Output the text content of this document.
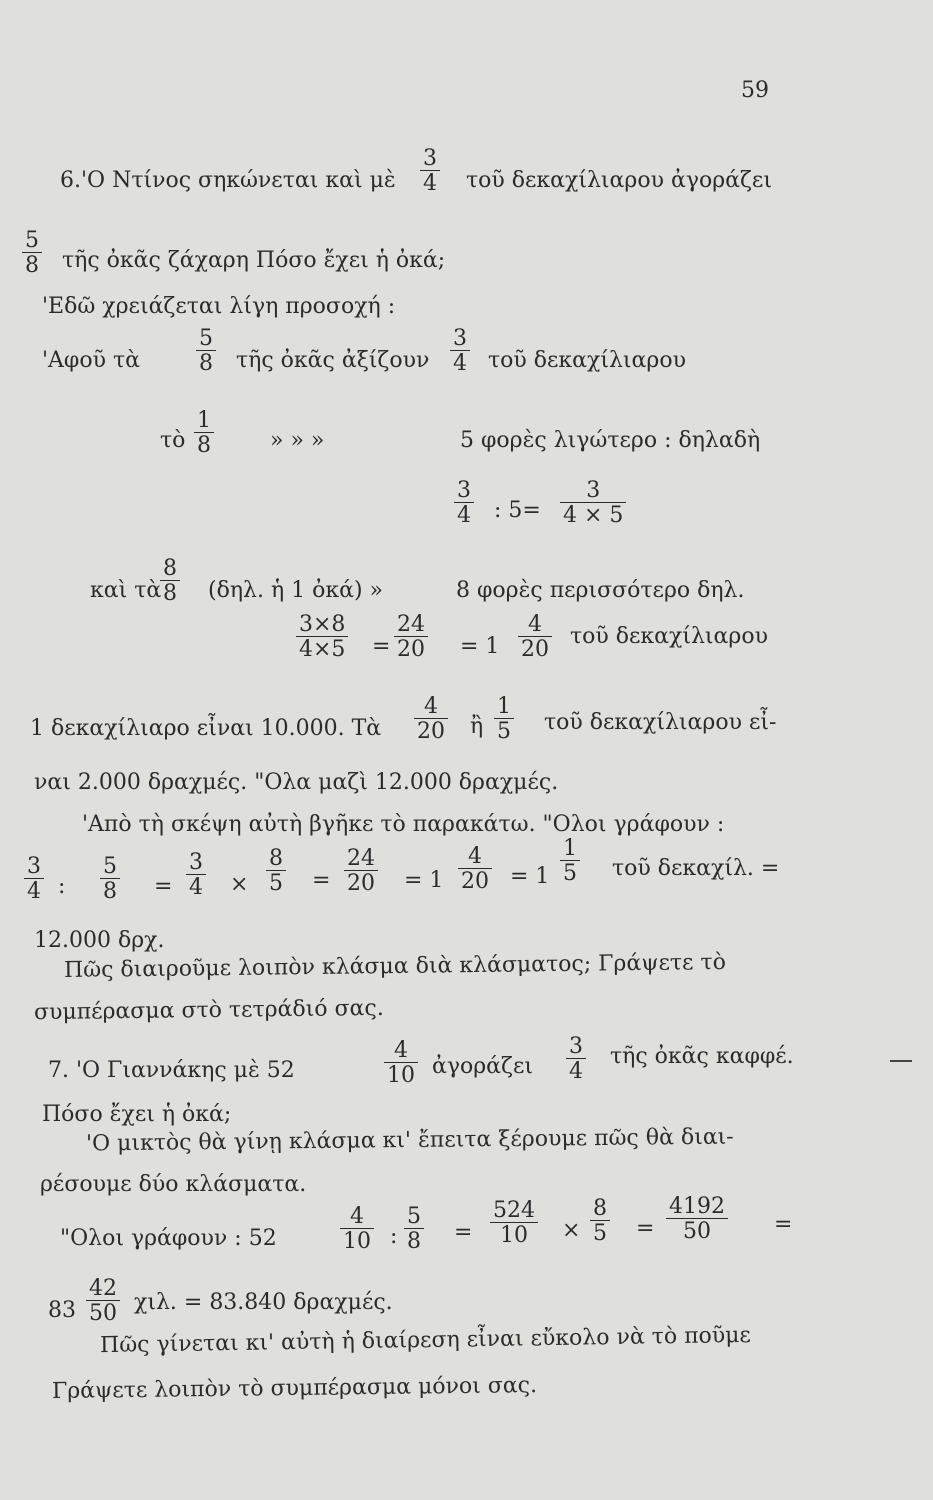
59
6.'Ο Ντίνος σηκώνεται καὶ μὲ
3
4 τοῦ δεκαχίλιαρου ἀγοράζει
5
8 τῆς ὀκᾶς ζάχαρη Πόσο ἔχει ἡ ὀκά;
'Εδῶ χρειάζεται λίγη προσοχή :
'Αφοῦ τὰ
5
8 τῆς ὀκᾶς ἀξίζουν
3
4 τοῦ δεκαχίλιαρου
τὸ
1
8	» » »	5 φορὲς λιγώτερο : δηλαδὴ
3
4 : 5=
3
4 × 5
καὶ τὰ
8
8 (δηλ. ἡ 1 ὀκά) »	8 φορὲς περισσότερο δηλ.
3×8
4×5 =
24
20 = 1
4
20
τοῦ δεκαχίλιαρου
1 δεκαχίλιαρο εἶναι 10.000. Τὰ
4
20 ἢ
1
5 τοῦ δεκαχίλιαρου εἶ-
ναι 2.000 δραχμές. "Ολα μαζὶ 12.000 δραχμές.
'Απὸ τὴ σκέψη αὐτὴ βγῆκε τὸ παρακάτω. "Ολοι γράφουν :
3
4 :
5
8 =
3
4 ×
8
5 =
24
20 = 1
4
20 = 1
1
5 τοῦ δεκαχίλ. =
12.000 δρχ.
Πῶς διαιροῦμε λοιπὸν κλάσμα διὰ κλάσματος; Γράψετε τὸ
συμπέρασμα στὸ τετράδιό σας.
7. 'Ο Γιαννάκης μὲ 52
4
10 ἀγοράζει
3
4
τῆς ὀκᾶς καφφέ.
Πόσο ἔχει ἡ ὀκά;
'Ο μικτὸς θὰ γίνῃ κλάσμα κι' ἔπειτα ξέρουμε πῶς θὰ διαι-
ρέσουμε δύο κλάσματα.
"Ολοι γράφουν : 52
4
10 :
5
8 =
524
10	×
8
5 =
4192
50	=
83
42
50 χιλ. = 83.840 δραχμές.
Πῶς γίνεται κι' αὐτὴ ἡ διαίρεση εἶναι εὔκολο νὰ τὸ ποῦμε
Γράψετε λοιπὸν τὸ συμπέρασμα μόνοι σας.
